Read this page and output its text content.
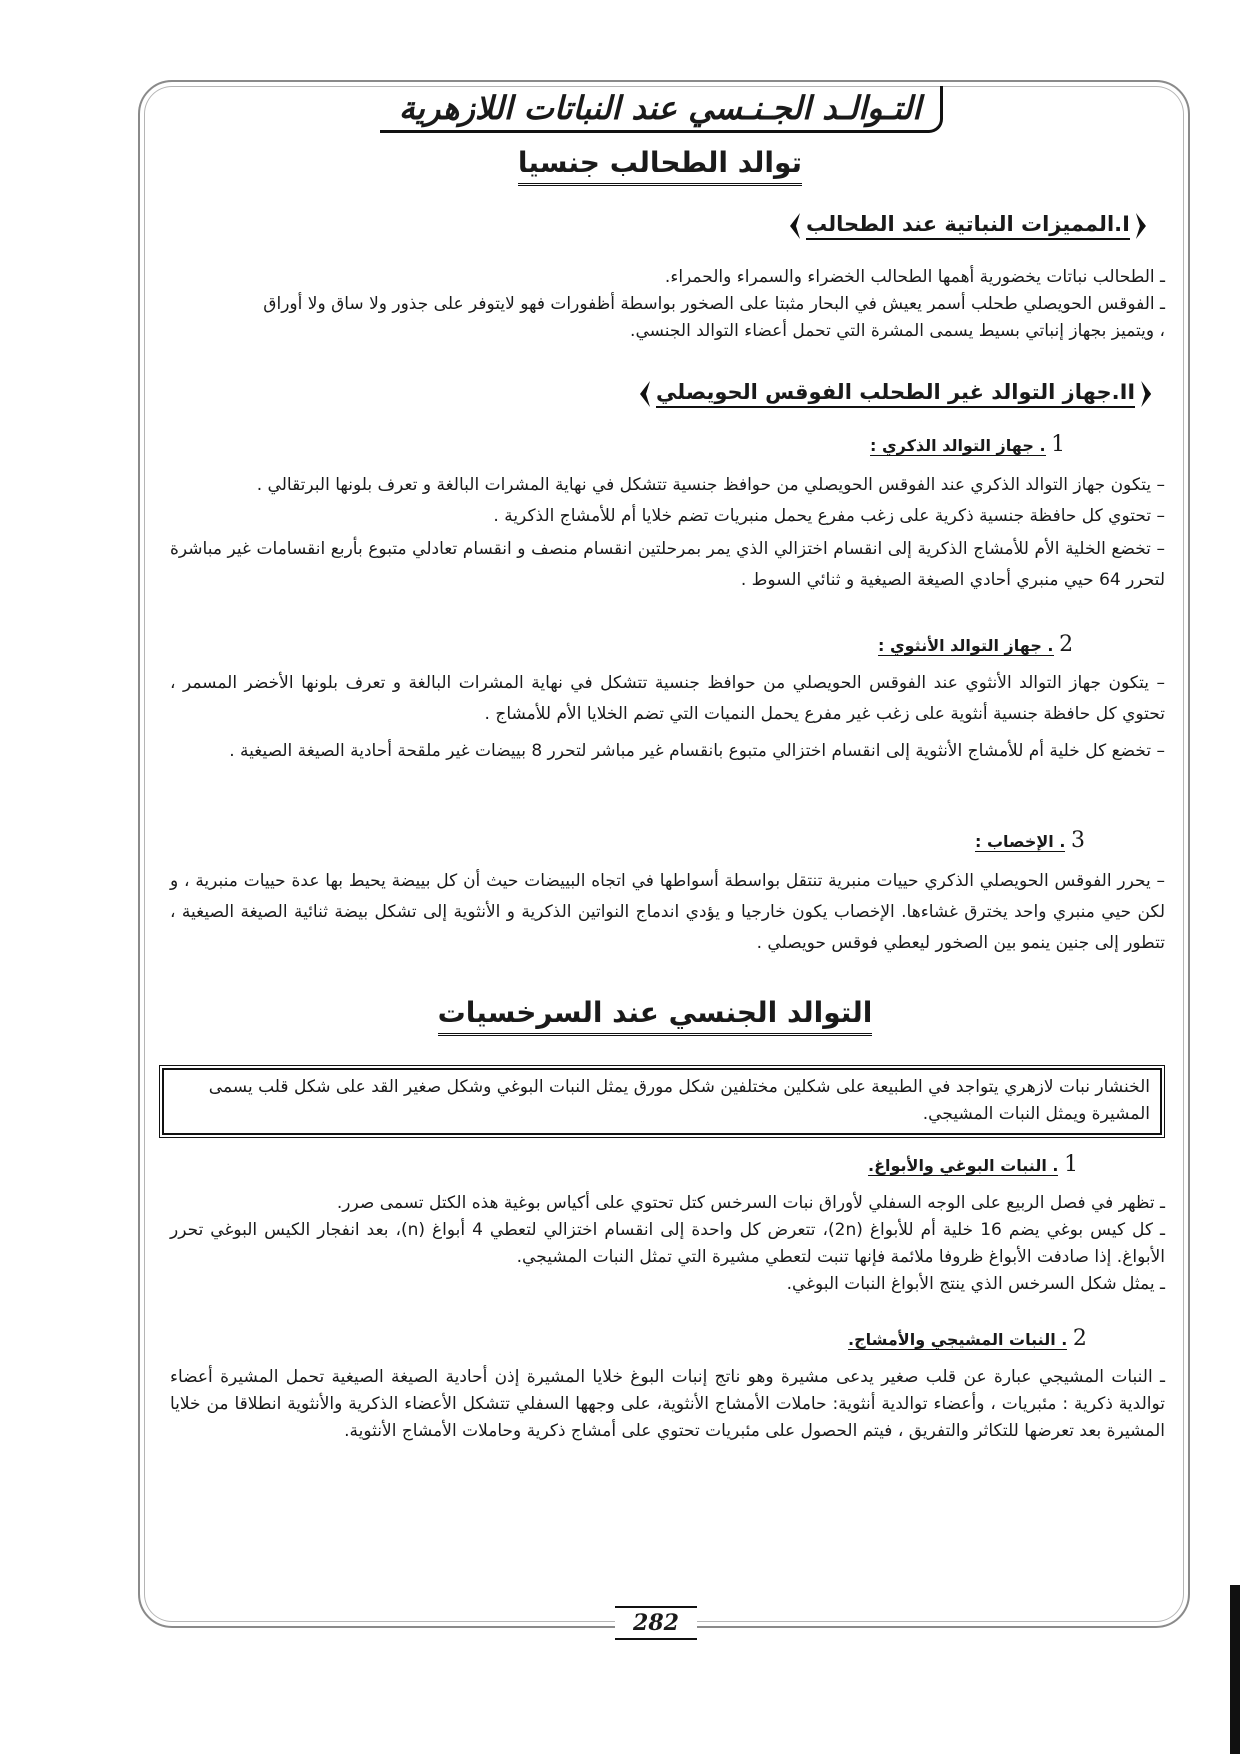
التـوالـد الجـنـسي عند النباتات اللازهرية
توالد الطحالب جنسيا
I.المميزات النباتية عند الطحالب

ـ الطحالب نباتات يخضورية أهمها الطحالب الخضراء والسمراء والحمراء.

ـ الفوقس الحويصلي طحلب أسمر يعيش في البحار مثبتا على الصخور بواسطة أظفورات فهو لايتوفر على جذور ولا ساق ولا أوراق

، ويتميز بجهاز إنباتي بسيط يسمى المشرة التي تحمل أعضاء التوالد الجنسي.

II.جهاز التوالد غير الطحلب الفوقس الحويصلي
1 . جهاز التوالد الذكري :

– يتكون جهاز التوالد الذكري عند الفوقس الحويصلي من حوافظ جنسية تتشكل في نهاية المشرات البالغة و تعرف بلونها البرتقالي .

– تحتوي كل حافظة جنسية ذكرية على زغب مفرع يحمل منبريات تضم خلايا أم للأمشاج الذكرية .

– تخضع الخلية الأم للأمشاج الذكرية إلى انقسام اختزالي الذي يمر بمرحلتين انقسام منصف و انقسام تعادلي متبوع بأربع انقسامات غير مباشرة لتحرر 64 حيي منبري أحادي الصيغة الصيغية و ثنائي السوط .

2 . جهاز التوالد الأنثوي :

– يتكون جهاز التوالد الأنثوي عند الفوقس الحويصلي من حوافظ جنسية تتشكل في نهاية المشرات البالغة و تعرف بلونها الأخضر المسمر ، تحتوي كل حافظة جنسية أنثوية على زغب غير مفرع يحمل النميات التي تضم الخلايا الأم للأمشاج .

– تخضع كل خلية أم للأمشاج الأنثوية إلى انقسام اختزالي متبوع بانقسام غير مباشر لتحرر 8 بييضات غير ملقحة أحادية الصيغة الصيغية .

3 . الإخصاب :

– يحرر الفوقس الحويصلي الذكري حييات منبرية تنتقل بواسطة أسواطها في اتجاه البييضات حيث أن كل بييضة يحيط بها عدة حييات منبرية ، و لكن حيي منبري واحد يخترق غشاءها. الإخصاب يكون خارجيا و يؤدي اندماج النواتين الذكرية و الأنثوية إلى تشكل بيضة ثنائية الصيغة الصيغية ، تتطور إلى جنين ينمو بين الصخور ليعطي فوقس حويصلي .

التوالد الجنسي عند السرخسيات
الخنشار نبات لازهري يتواجد في الطبيعة على شكلين مختلفين شكل مورق يمثل النبات البوغي وشكل صغير القد على شكل قلب يسمى المشيرة ويمثل النبات المشيجي.
1 . النبات البوغي والأبواغ.

ـ تظهر في فصل الربيع على الوجه السفلي لأوراق نبات السرخس كتل تحتوي على أكياس بوغية هذه الكتل تسمى صرر.

ـ كل كيس بوغي يضم 16 خلية أم للأبواغ (2n)، تتعرض كل واحدة إلى انقسام اختزالي لتعطي 4 أبواغ (n)، بعد انفجار الكيس البوغي تحرر الأبواغ. إذا صادفت الأبواغ ظروفا ملائمة فإنها تنبت لتعطي مشيرة التي تمثل النبات المشيجي.

ـ يمثل شكل السرخس الذي ينتج الأبواغ النبات البوغي.

2 . النبات المشيجي والأمشاج.

ـ النبات المشيجي عبارة عن قلب صغير يدعى مشيرة وهو ناتج إنبات البوغ خلايا المشيرة إذن أحادية الصيغة الصيغية تحمل المشيرة أعضاء توالدية ذكرية : مئبريات ، وأعضاء توالدية أنثوية: حاملات الأمشاج الأنثوية، على وجهها السفلي تتشكل الأعضاء الذكرية والأنثوية انطلاقا من خلايا المشيرة بعد تعرضها للتكاثر والتفريق ، فيتم الحصول على مئبريات تحتوي على أمشاج ذكرية وحاملات الأمشاج الأنثوية.

282
